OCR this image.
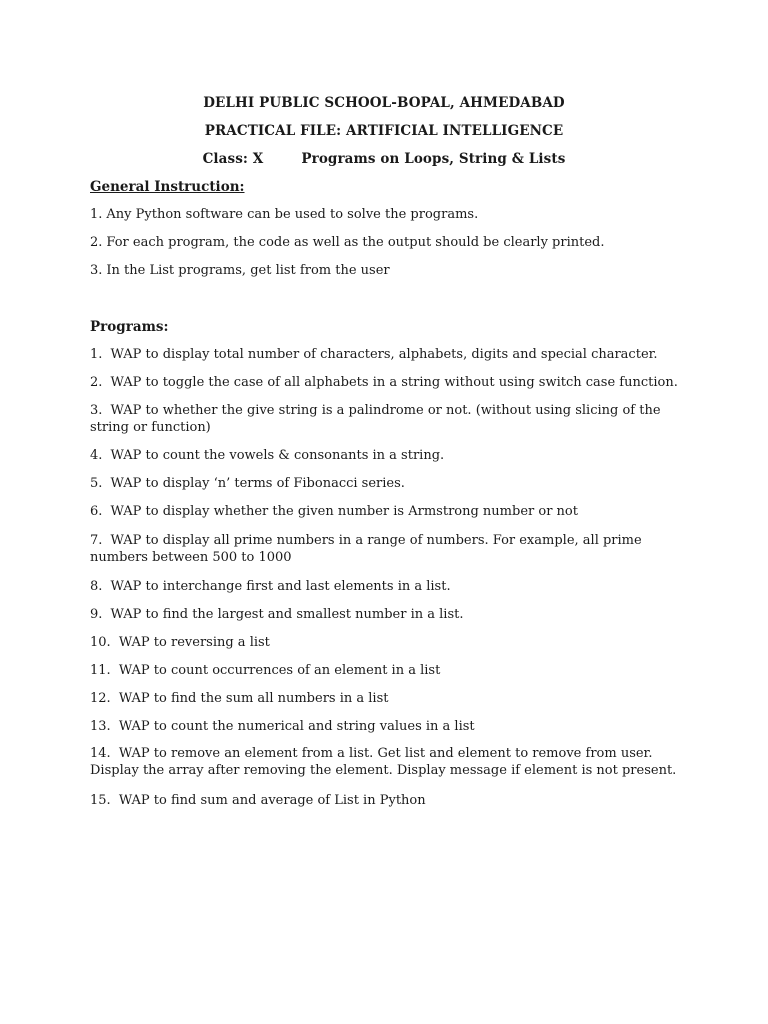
DELHI PUBLIC SCHOOL-BOPAL, AHMEDABAD
PRACTICAL FILE: ARTIFICIAL INTELLIGENCE
Class: X	Programs on Loops, String & Lists
General Instruction:
1. Any Python software can be used to solve the programs.
2. For each program, the code as well as the output should be clearly printed.
3. In the List programs, get list from the user
Programs:
1. WAP to display total number of characters, alphabets, digits and special character.
2. WAP to toggle the case of all alphabets in a string without using switch case function.
3. WAP to whether the give string is a palindrome or not. (without using slicing of the string or function)
4. WAP to count the vowels & consonants in a string.
5. WAP to display ‘n’ terms of Fibonacci series.
6. WAP to display whether the given number is Armstrong number or not
7. WAP to display all prime numbers in a range of numbers. For example, all prime numbers between 500 to 1000
8. WAP to interchange first and last elements in a list.
9. WAP to find the largest and smallest number in a list.
10. WAP to reversing a list
11. WAP to count occurrences of an element in a list
12. WAP to find the sum all numbers in a list
13. WAP to count the numerical and string values in a list
14. WAP to remove an element from a list. Get list and element to remove from user. Display the array after removing the element. Display message if element is not present.
15. WAP to find sum and average of List in Python
